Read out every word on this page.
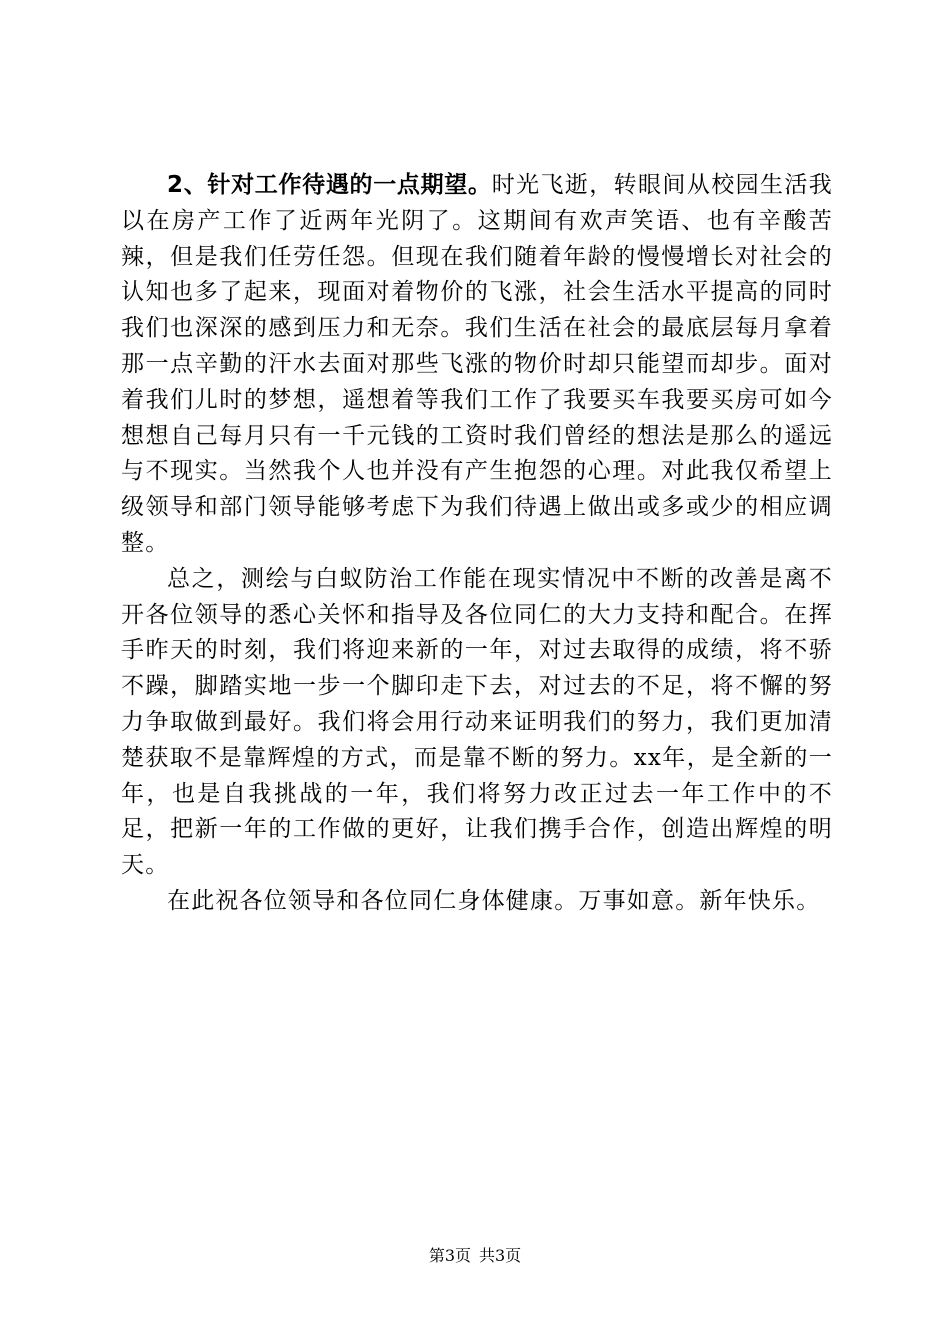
2、针对工作待遇的一点期望。时光飞逝，转眼间从校园生活我以在房产工作了近两年光阴了。这期间有欢声笑语、也有辛酸苦辣，但是我们任劳任怨。但现在我们随着年龄的慢慢增长对社会的认知也多了起来，现面对着物价的飞涨，社会生活水平提高的同时我们也深深的感到压力和无奈。我们生活在社会的最底层每月拿着那一点辛勤的汗水去面对那些飞涨的物价时却只能望而却步。面对着我们儿时的梦想，遥想着等我们工作了我要买车我要买房可如今想想自己每月只有一千元钱的工资时我们曾经的想法是那么的遥远与不现实。当然我个人也并没有产生抱怨的心理。对此我仅希望上级领导和部门领导能够考虑下为我们待遇上做出或多或少的相应调整。

总之，测绘与白蚁防治工作能在现实情况中不断的改善是离不开各位领导的悉心关怀和指导及各位同仁的大力支持和配合。在挥手昨天的时刻，我们将迎来新的一年，对过去取得的成绩，将不骄不躁，脚踏实地一步一个脚印走下去，对过去的不足，将不懈的努力争取做到最好。我们将会用行动来证明我们的努力，我们更加清楚获取不是靠辉煌的方式，而是靠不断的努力。xx年，是全新的一年，也是自我挑战的一年，我们将努力改正过去一年工作中的不足，把新一年的工作做的更好，让我们携手合作，创造出辉煌的明天。

在此祝各位领导和各位同仁身体健康。万事如意。新年快乐。

第3页 共3页
